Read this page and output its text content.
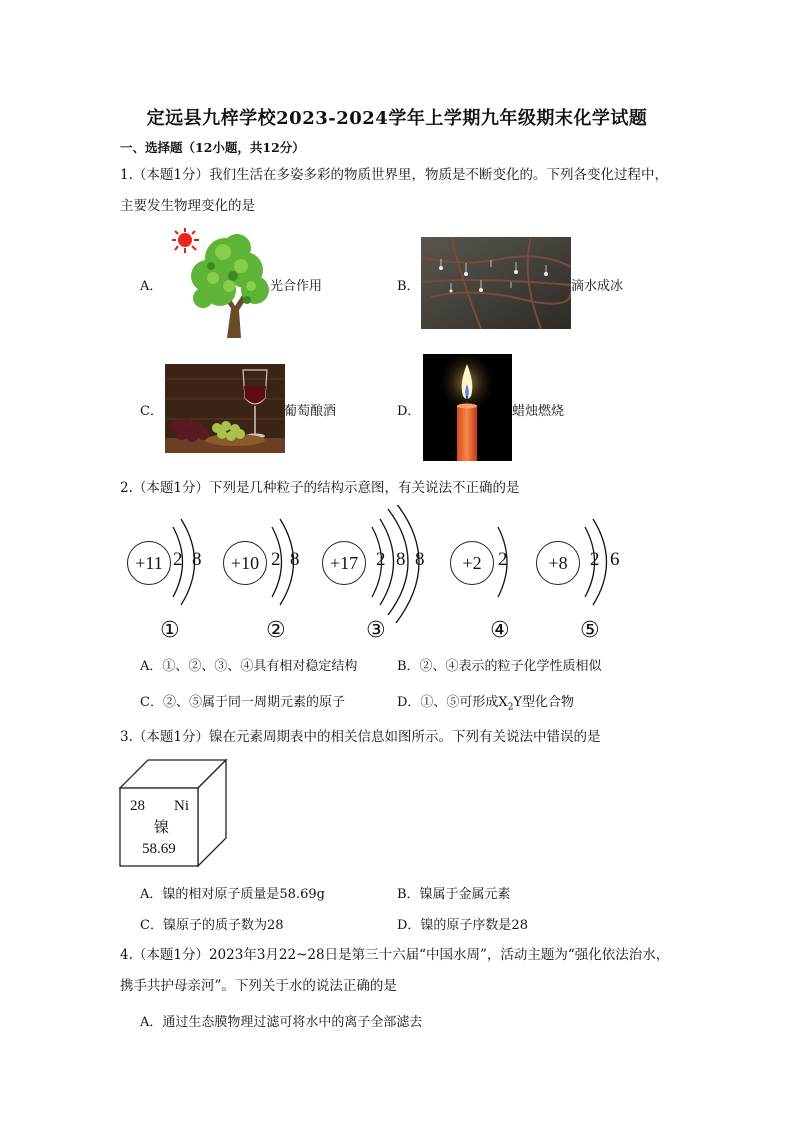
定远县九梓学校2023-2024学年上学期九年级期末化学试题
一、选择题（12小题，共12分）
1.（本题1分）我们生活在多姿多彩的物质世界里，物质是不断变化的。下列各变化过程中，
主要发生物理变化的是
A．	光合作用	B．	滴水成冰
C．	葡萄酿酒	D．	蜡烛燃烧
2.（本题1分）下列是几种粒子的结构示意图，有关说法不正确的是
+11 2 8
①
+10 2 8
②
+17 2 8 8
③
+2 2
④
+8	2 6
⑤
A．①、②、③、④具有相对稳定结构	B．②、④表示的粒子化学性质相似
C．②、⑤属于同一周期元素的原子	D．①、⑤可形成$X_2Y$型化合物
3.（本题1分）镍在元素周期表中的相关信息如图所示。下列有关说法中错误的是
28 Ni
镍
58.69
A．镍的相对原子质量是58.69g	B．镍属于金属元素
C．镍原子的质子数为28	D．镍的原子序数是28
4.（本题1分）2023年3月22~28日是第三十六届“中国水周”，活动主题为“强化依法治水，
携手共护母亲河”。下列关于水的说法正确的是
A．通过生态膜物理过滤可将水中的离子全部滤去
